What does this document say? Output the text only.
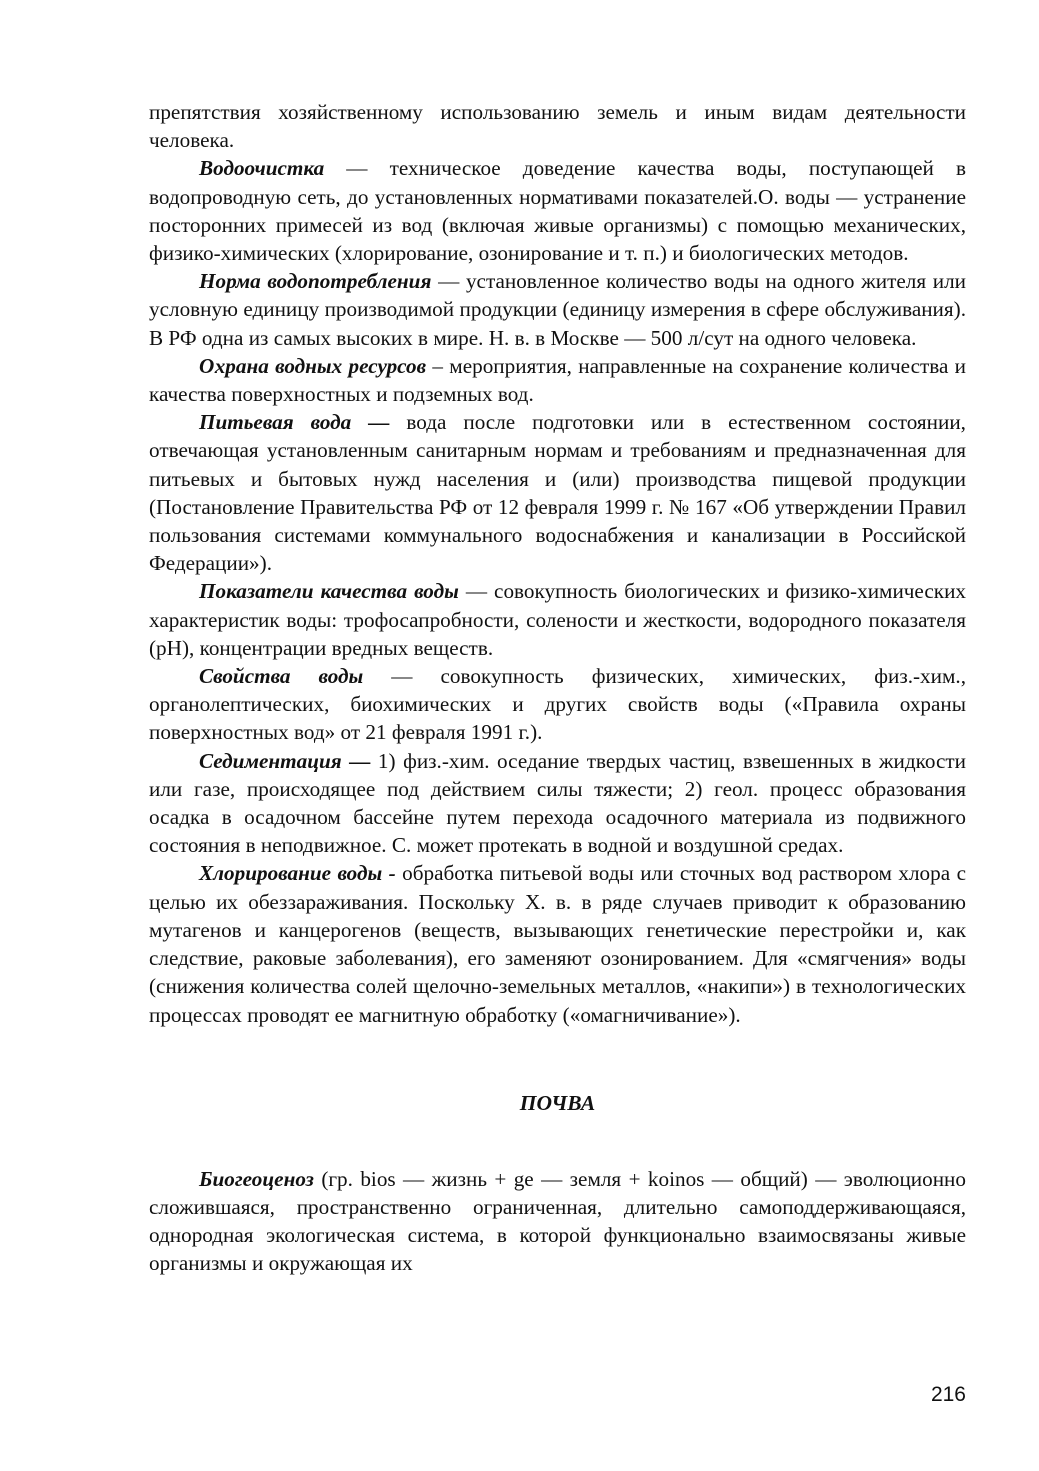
препятствия хозяйственному использованию земель и иным видам деятельности человека.

Водоочистка — техническое доведение качества воды, поступающей в водопроводную сеть, до установленных нормативами показателей.О. воды — устранение посторонних примесей из вод (включая живые организмы) с помощью механических, физико-химических (хлорирование, озонирование и т. п.) и биологических методов.

Норма водопотребления — установленное количество воды на одного жителя или условную единицу производимой продукции (единицу измерения в сфере обслуживания). В РФ одна из самых высоких в мире. Н. в. в Москве — 500 л/сут на одного человека.

Охрана водных ресурсов – мероприятия, направленные на сохранение количества и качества поверхностных и подземных вод.

Питьевая вода — вода после подготовки или в естественном состоянии, отвечающая установленным санитарным нормам и требованиям и предназначенная для питьевых и бытовых нужд населения и (или) производства пищевой продукции (Постановление Правительства РФ от 12 февраля 1999 г. № 167 «Об утверждении Правил пользования системами коммунального водоснабжения и канализации в Российской Федерации»).

Показатели качества воды — совокупность биологических и физико-химических характеристик воды: трофосапробности, солености и жесткости, водородного показателя (pH), концентрации вредных веществ.

Свойства воды — совокупность физических, химических, физ.-хим., органолептических, биохимических и других свойств воды («Правила охраны поверхностных вод» от 21 февраля 1991 г.).

Седиментация — 1) физ.-хим. оседание твердых частиц, взвешенных в жидкости или газе, происходящее под действием силы тяжести; 2) геол. процесс образования осадка в осадочном бассейне путем перехода осадочного материала из подвижного состояния в неподвижное. С. может протекать в водной и воздушной средах.

Хлорирование воды - обработка питьевой воды или сточных вод раствором хлора с целью их обеззараживания. Поскольку X. в. в ряде случаев приводит к образованию мутагенов и канцерогенов (веществ, вызывающих генетические перестройки и, как следствие, раковые заболевания), его заменяют озонированием. Для «смягчения» воды (снижения количества солей щелочно-земельных металлов, «накипи») в технологических процессах проводят ее магнитную обработку («омагничивание»).

ПОЧВА

Биогеоценоз (гр. bios — жизнь + ge — земля + koinos — общий) — эволюционно сложившаяся, пространственно ограниченная, длительно самоподдерживающаяся, однородная экологическая система, в которой функционально взаимосвязаны живые организмы и окружающая их

216
